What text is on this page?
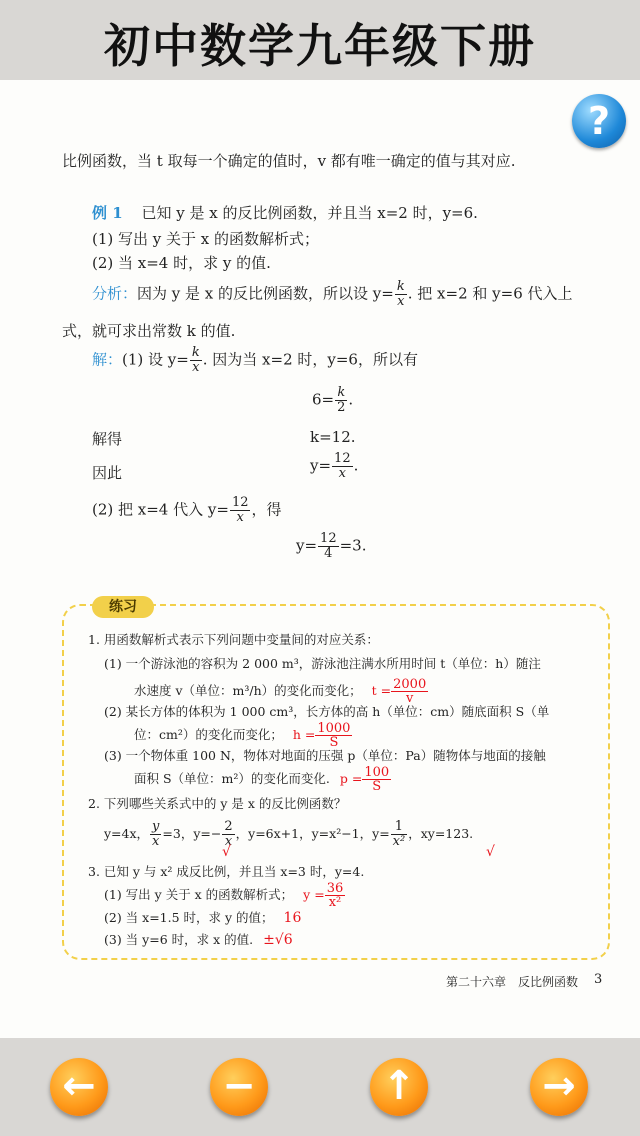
初中数学九年级下册
?
比例函数，当 t 取每一个确定的值时，v 都有唯一确定的值与其对应.
例 1 已知 y 是 x 的反比例函数，并且当 x=2 时，y=6.
(1) 写出 y 关于 x 的函数解析式；
(2) 当 x=4 时，求 y 的值.
分析：因为 y 是 x 的反比例函数，所以设 $y= \frac{k}{x}$ . 把 x=2 和 y=6 代入上
式，就可求出常数 k 的值.
解：(1) 设 $y= \frac{k}{x}$ . 因为当 x=2 时，y=6，所以有
$6= \frac{k}{2}$ .
解得	k=12.
因此	$y= \frac{12}{x}$ .
(2) 把 x=4 代入 $y= \frac{12}{x}$ ，得
$y= \frac{12}{4} =3$.
练习
1. 用函数解析式表示下列问题中变量间的对应关系：
(1) 一个游泳池的容积为 2 000 m³，游泳池注满水所用时间 t（单位：h）随注
水速度 v（单位：m³/h）的变化而变化； $t = \frac{2000}{v}$
(2) 某长方体的体积为 1 000 cm³，长方体的高 h（单位：cm）随底面积 S（单
位：cm²）的变化而变化； $h = \frac{1000}{S}$
(3) 一个物体重 100 N，物体对地面的压强 p（单位：Pa）随物体与地面的接触
面积 S（单位：m²）的变化而变化. $p = \frac{100}{S}$
2. 下列哪些关系式中的 y 是 x 的反比例函数？
y=4x， $\frac{y}{x} =3$，$y=- \frac{2}{x}$ ，y=6x+1，y=x²−1，$y= \frac{1}{\text{x²}}$ ，xy=123.
√	√
3. 已知 y 与 x² 成反比例，并且当 x=3 时，y=4.
(1) 写出 y 关于 x 的函数解析式； $y = \frac{36}{\text{x²}}$
(2) 当 x=1.5 时，求 y 的值； 16
(3) 当 y=6 时，求 x 的值. ±√6
第二十六章　反比例函数 3
←	−	↑	→
